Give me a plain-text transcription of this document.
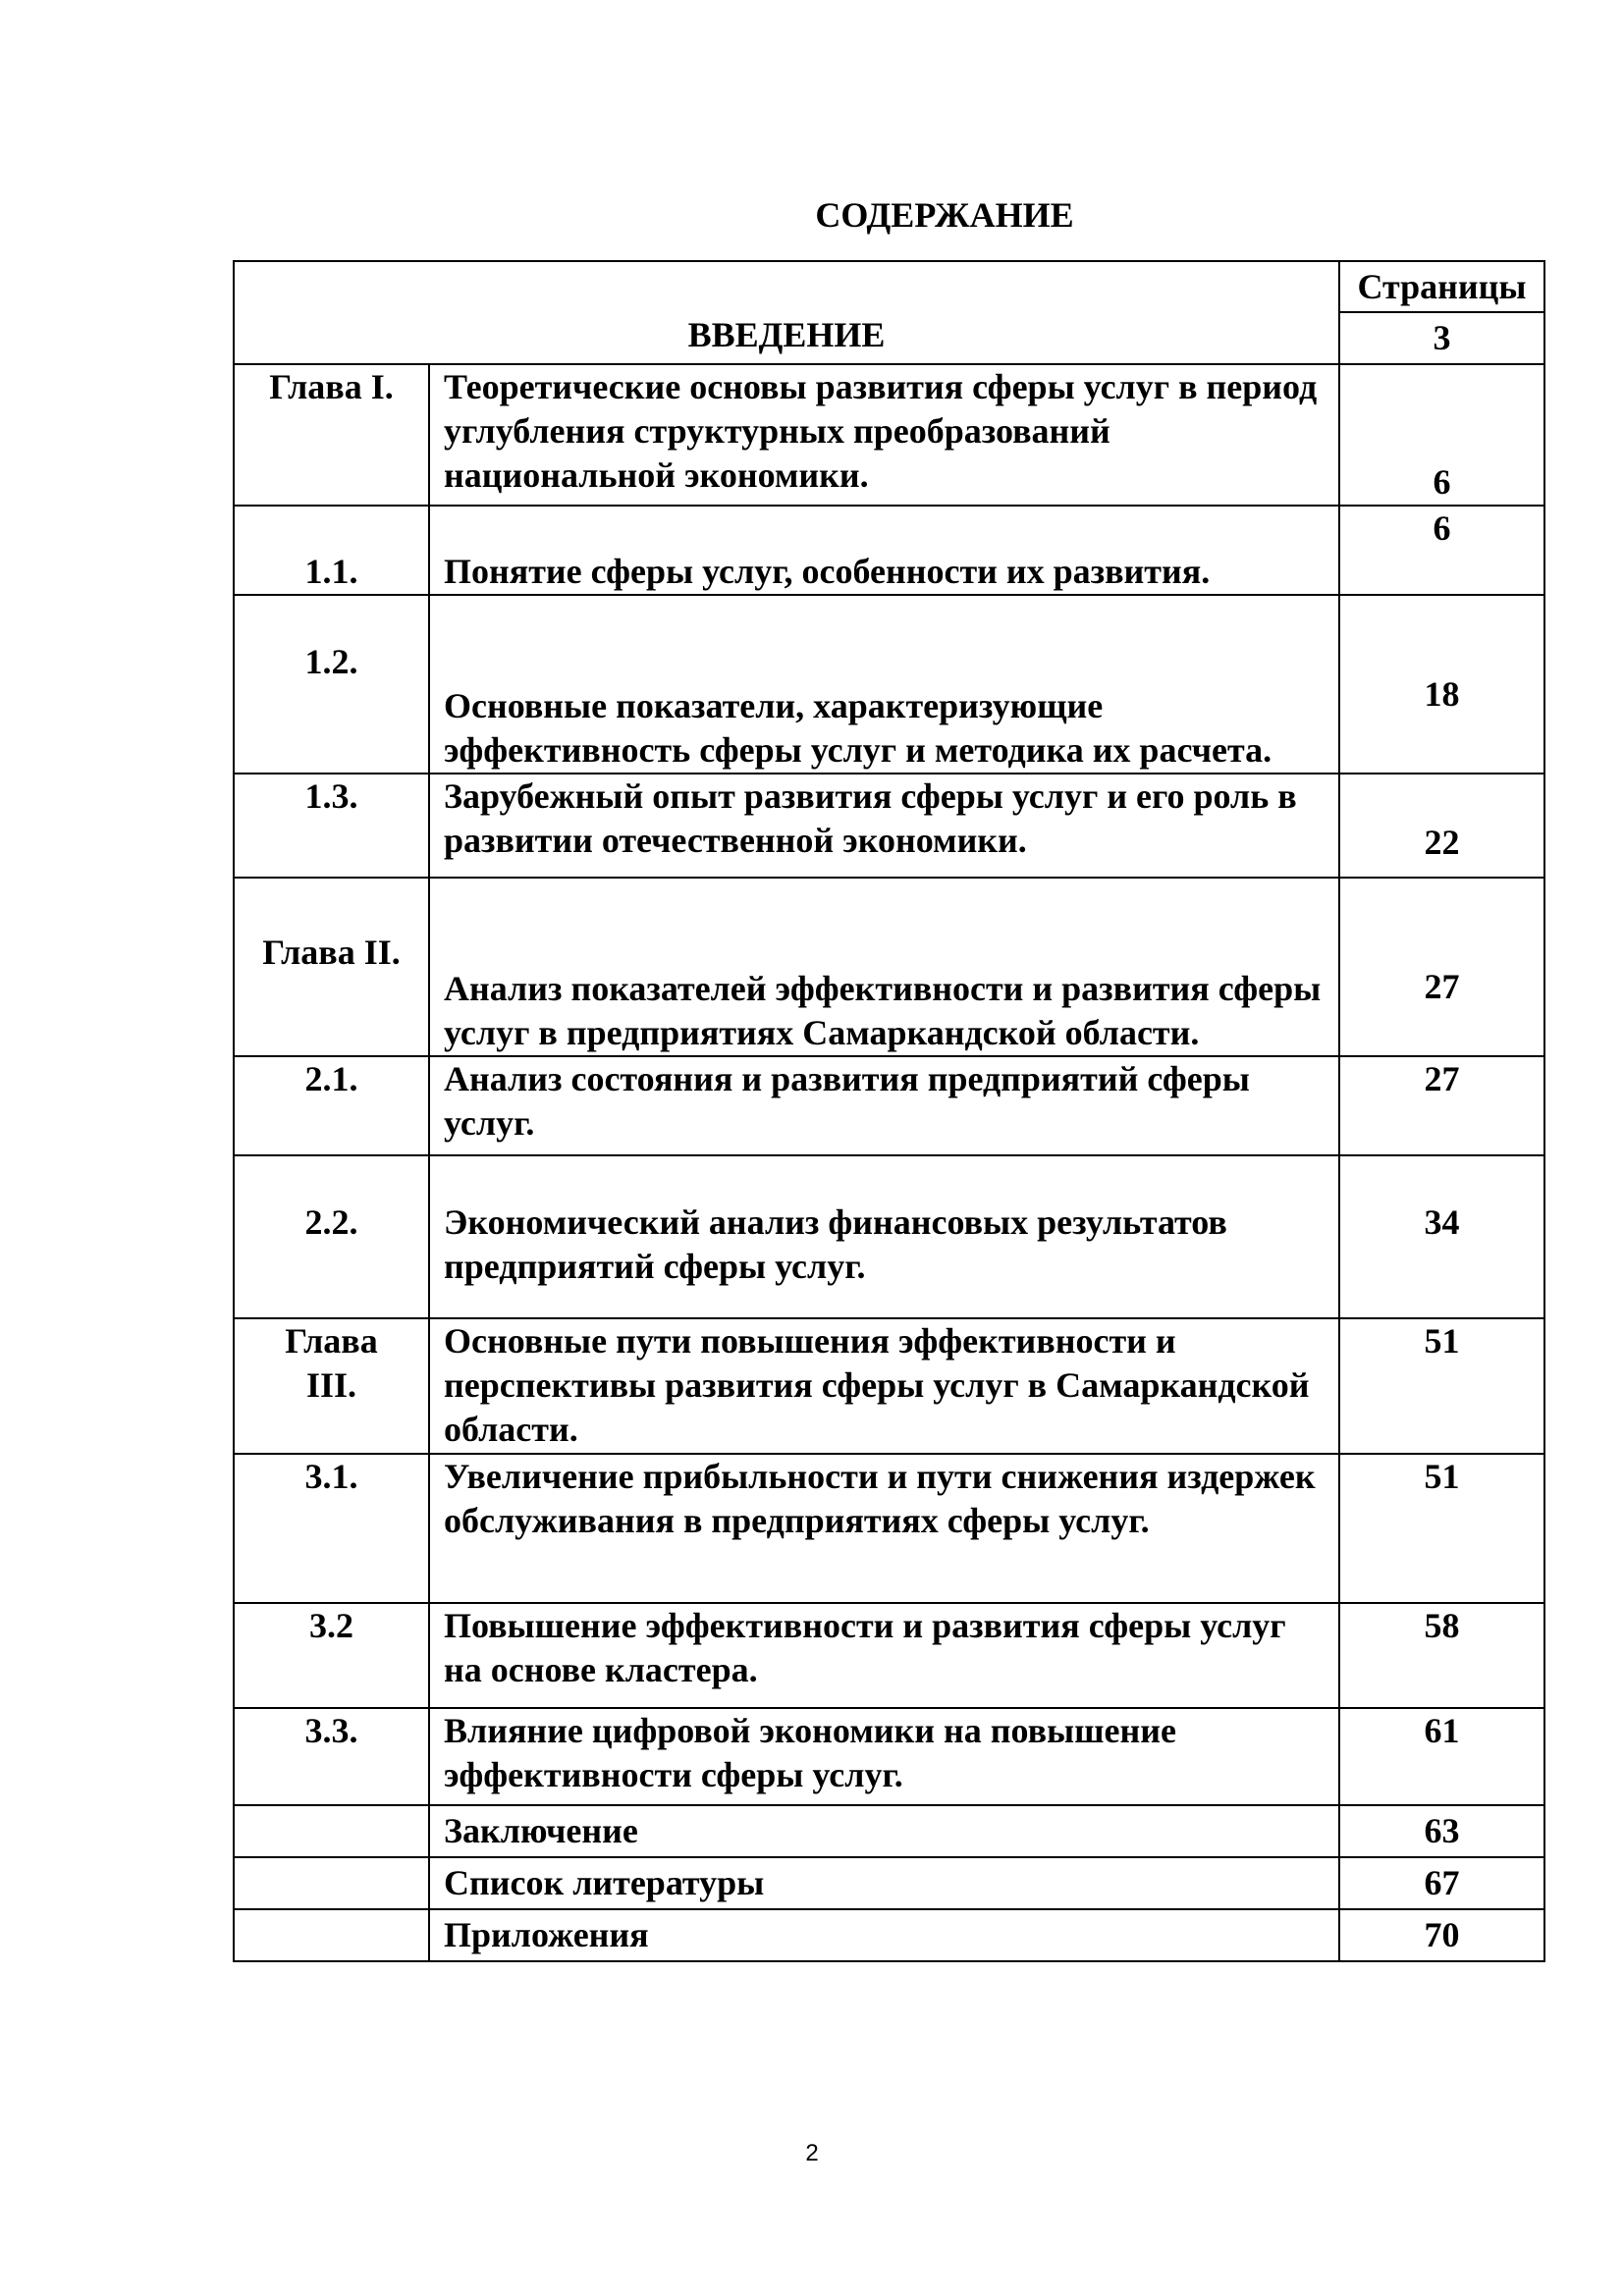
СОДЕРЖАНИЕ
ВВЕДЕНИЕ		Страницы
		3
Глава I.	Теоретические основы развития сферы услуг в период углубления структурных преобразований национальной экономики.	6
1.1.	Понятие сферы услуг, особенности их развития.	6
1.2.	Основные показатели, характеризующие эффективность сферы услуг и методика их расчета.	18
1.3.	Зарубежный опыт развития сферы услуг и его роль в развитии отечественной экономики.	22
Глава II.	Анализ показателей эффективности и развития сферы услуг в предприятиях Самаркандской области.	27
2.1.	Анализ состояния и развития предприятий сферы услуг.	27
2.2.	Экономический анализ финансовых результатов предприятий сферы услуг.	34
Глава III.	Основные пути повышения эффективности и перспективы развития сферы услуг в Самаркандской области.	51
3.1.	Увеличение прибыльности и пути снижения издержек обслуживания в предприятиях сферы услуг.	51
3.2	Повышение эффективности и развития сферы услуг на основе кластера.	58
3.3.	Влияние цифровой экономики на повышение эффективности сферы услуг.	61
	Заключение	63
	Список литературы	67
	Приложения	70
2
